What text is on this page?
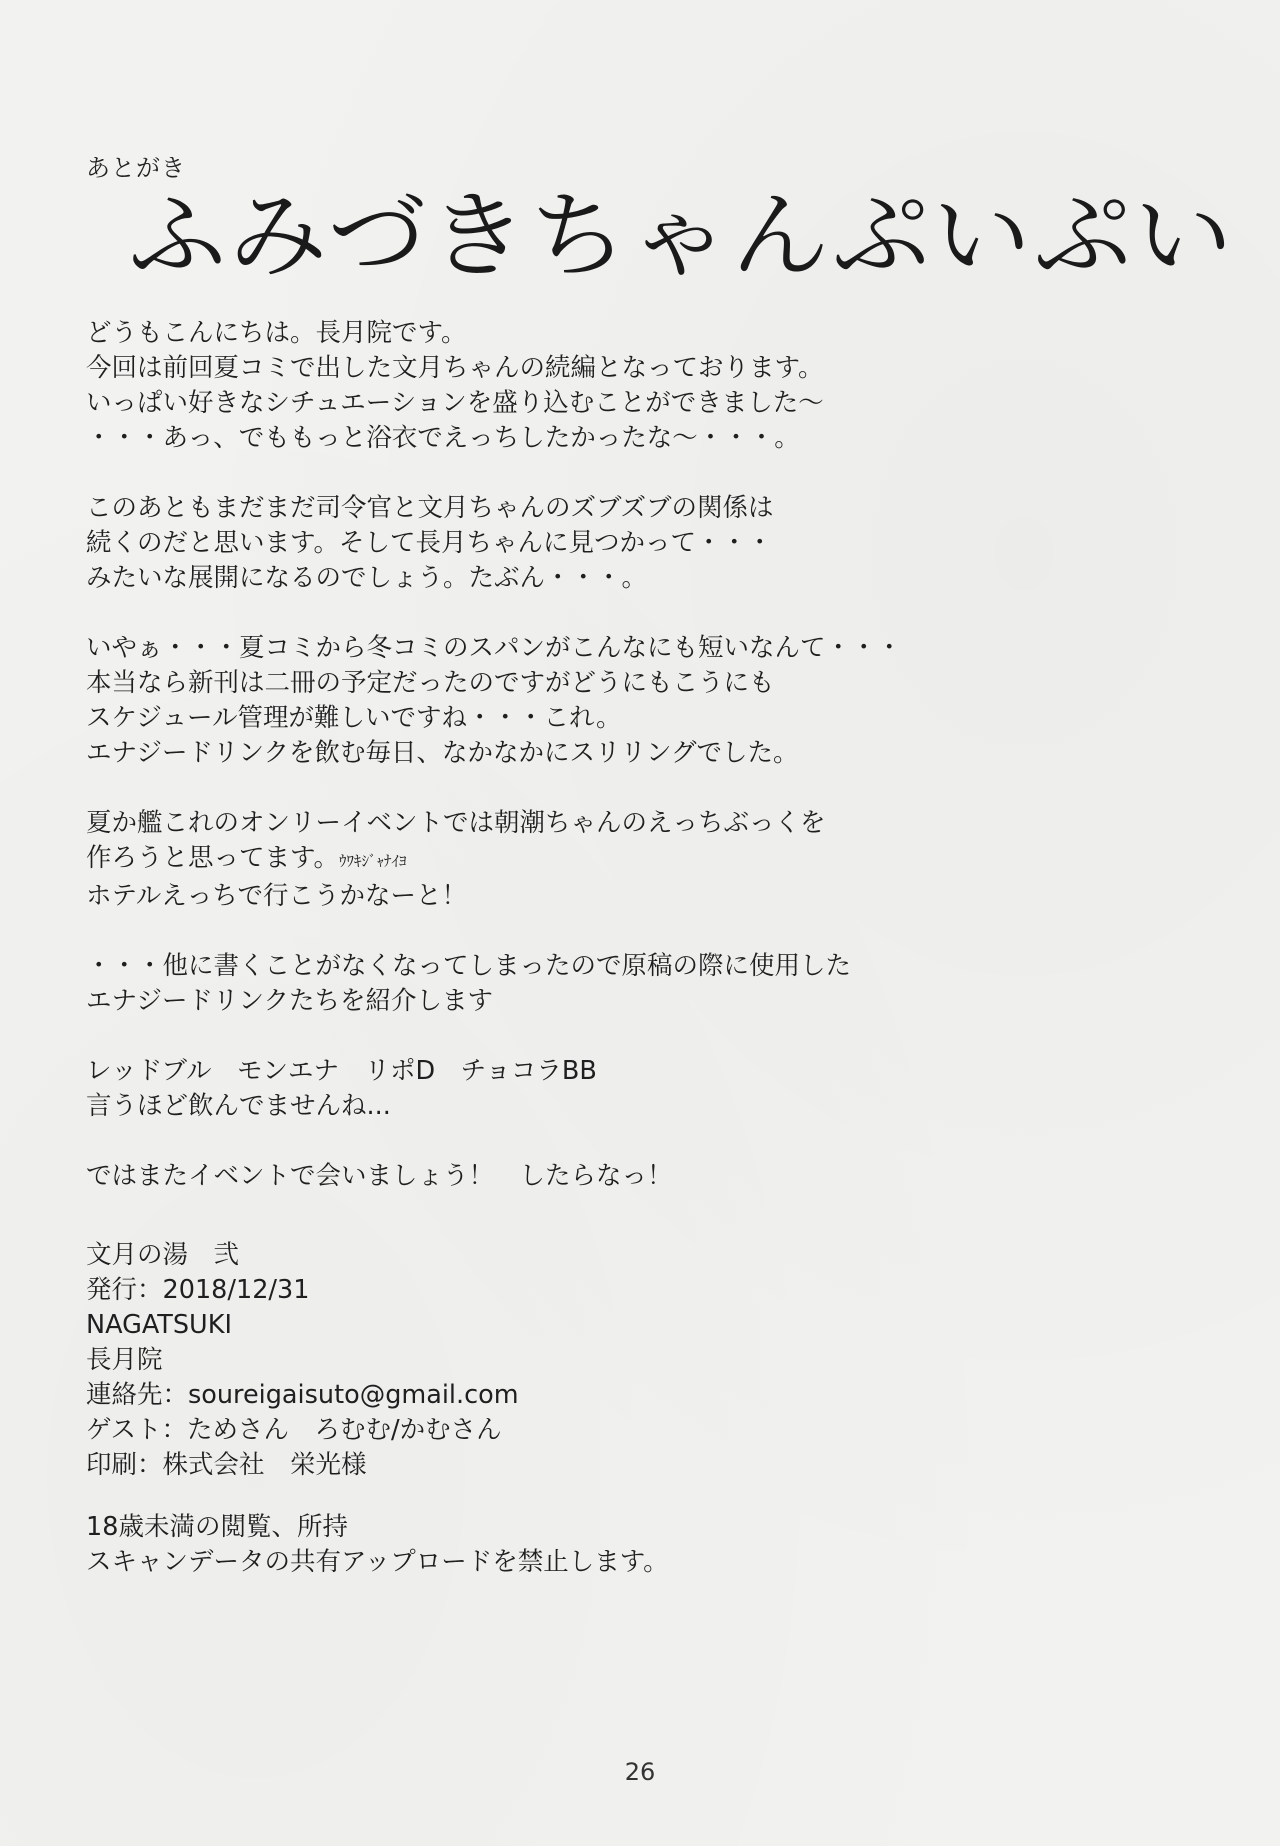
あとがき
ふみづきちゃんぷいぷい
どうもこんにちは。長月院です。
今回は前回夏コミで出した文月ちゃんの続編となっております。
いっぱい好きなシチュエーションを盛り込むことができました～
・・・あっ、でももっと浴衣でえっちしたかったな～・・・。
このあともまだまだ司令官と文月ちゃんのズブズブの関係は
続くのだと思います。そして長月ちゃんに見つかって・・・
みたいな展開になるのでしょう。たぶん・・・。
いやぁ・・・夏コミから冬コミのスパンがこんなにも短いなんて・・・
本当なら新刊は二冊の予定だったのですがどうにもこうにも
スケジュール管理が難しいですね・・・これ。
エナジードリンクを飲む毎日、なかなかにスリリングでした。
夏か艦これのオンリーイベントでは朝潮ちゃんのえっちぶっくを
作ろうと思ってます。ｳﾜｷｼﾞｬﾅｲﾖ
ホテルえっちで行こうかなーと！
・・・他に書くことがなくなってしまったので原稿の際に使用した
エナジードリンクたちを紹介します
レッドブル　モンエナ　リポD　チョコラBB
言うほど飲んでませんね...
ではまたイベントで会いましょう！　したらなっ！
文月の湯　弐
発行：2018/12/31
NAGATSUKI
長月院
連絡先：soureigaisuto@gmail.com
ゲスト：ためさん　ろむむ/かむさん
印刷：株式会社　栄光様
18歳未満の閲覧、所持
スキャンデータの共有アップロードを禁止します。
26
